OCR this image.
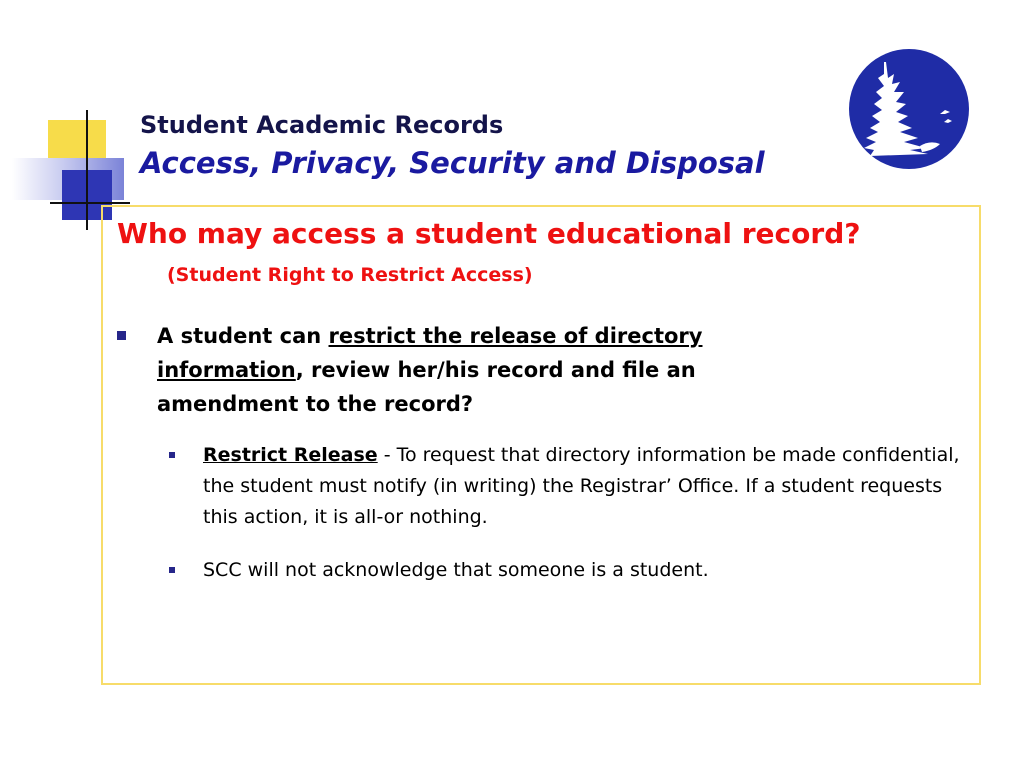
Student Academic Records
Access, Privacy, Security and Disposal
Who may access a student educational record?
(Student Right to Restrict Access)
A student can restrict the release of directory information, review her/his record and file an amendment to the record?
Restrict Release - To request that directory information be made confidential, the student must notify (in writing) the Registrar’ Office. If a student requests this action, it is all-or nothing.
SCC will not acknowledge that someone is a student.
